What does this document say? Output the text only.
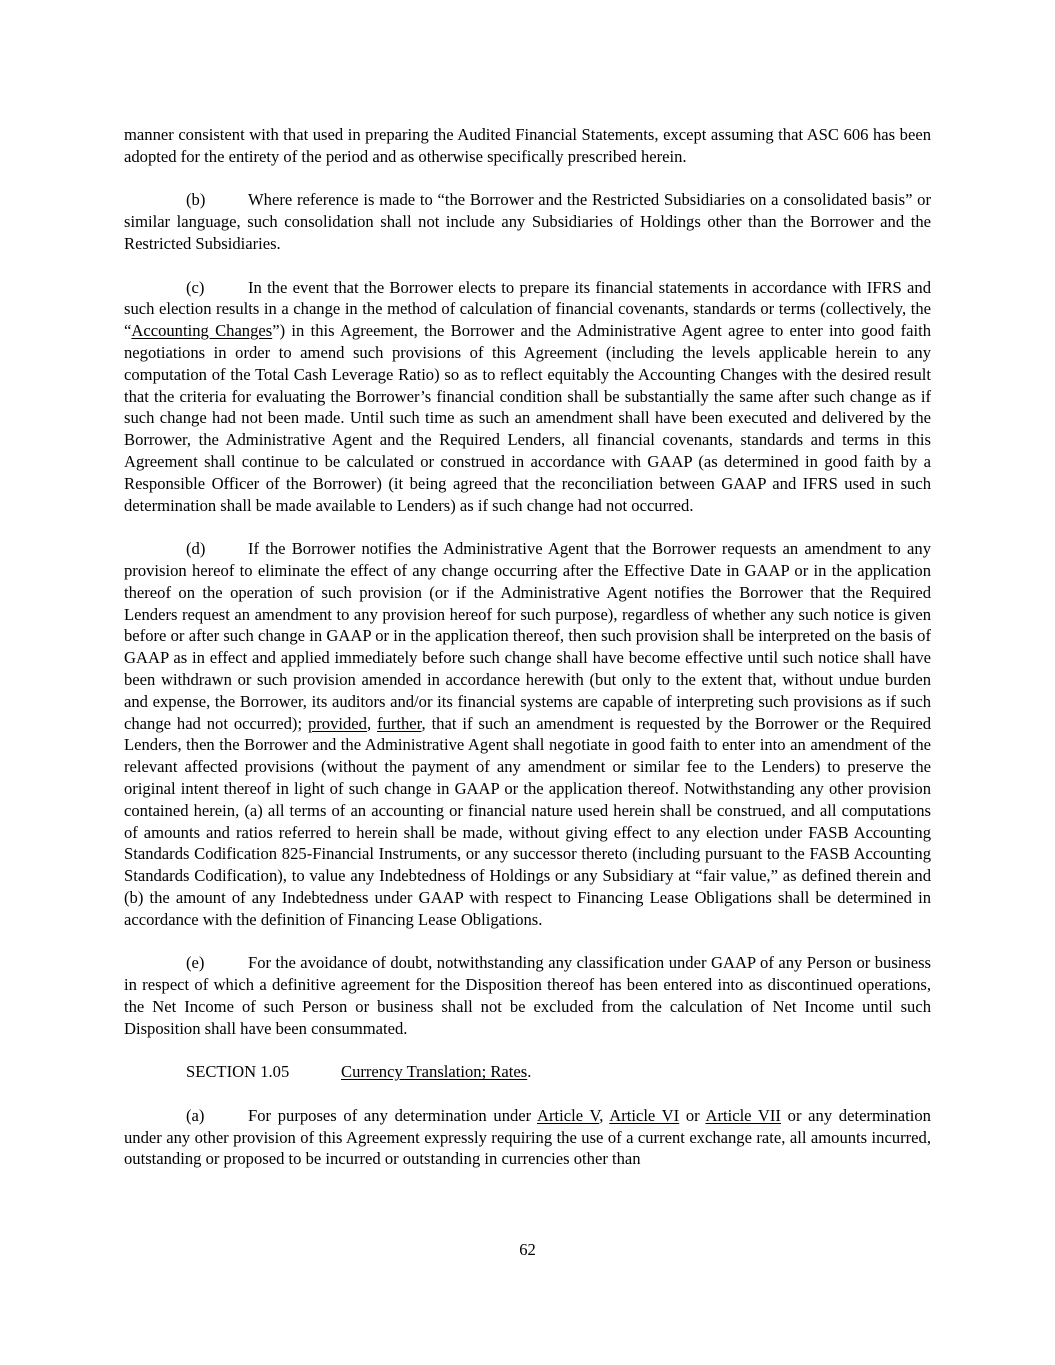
manner consistent with that used in preparing the Audited Financial Statements, except assuming that ASC 606 has been adopted for the entirety of the period and as otherwise specifically prescribed herein.

(b)	Where reference is made to “the Borrower and the Restricted Subsidiaries on a consolidated basis” or similar language, such consolidation shall not include any Subsidiaries of Holdings other than the Borrower and the Restricted Subsidiaries.

(c)	In the event that the Borrower elects to prepare its financial statements in accordance with IFRS and such election results in a change in the method of calculation of financial covenants, standards or terms (collectively, the “Accounting Changes”) in this Agreement, the Borrower and the Administrative Agent agree to enter into good faith negotiations in order to amend such provisions of this Agreement (including the levels applicable herein to any computation of the Total Cash Leverage Ratio) so as to reflect equitably the Accounting Changes with the desired result that the criteria for evaluating the Borrower’s financial condition shall be substantially the same after such change as if such change had not been made. Until such time as such an amendment shall have been executed and delivered by the Borrower, the Administrative Agent and the Required Lenders, all financial covenants, standards and terms in this Agreement shall continue to be calculated or construed in accordance with GAAP (as determined in good faith by a Responsible Officer of the Borrower) (it being agreed that the reconciliation between GAAP and IFRS used in such determination shall be made available to Lenders) as if such change had not occurred.

(d)	If the Borrower notifies the Administrative Agent that the Borrower requests an amendment to any provision hereof to eliminate the effect of any change occurring after the Effective Date in GAAP or in the application thereof on the operation of such provision (or if the Administrative Agent notifies the Borrower that the Required Lenders request an amendment to any provision hereof for such purpose), regardless of whether any such notice is given before or after such change in GAAP or in the application thereof, then such provision shall be interpreted on the basis of GAAP as in effect and applied immediately before such change shall have become effective until such notice shall have been withdrawn or such provision amended in accordance herewith (but only to the extent that, without undue burden and expense, the Borrower, its auditors and/or its financial systems are capable of interpreting such provisions as if such change had not occurred); provided, further, that if such an amendment is requested by the Borrower or the Required Lenders, then the Borrower and the Administrative Agent shall negotiate in good faith to enter into an amendment of the relevant affected provisions (without the payment of any amendment or similar fee to the Lenders) to preserve the original intent thereof in light of such change in GAAP or the application thereof. Notwithstanding any other provision contained herein, (a) all terms of an accounting or financial nature used herein shall be construed, and all computations of amounts and ratios referred to herein shall be made, without giving effect to any election under FASB Accounting Standards Codification 825-Financial Instruments, or any successor thereto (including pursuant to the FASB Accounting Standards Codification), to value any Indebtedness of Holdings or any Subsidiary at “fair value,” as defined therein and (b) the amount of any Indebtedness under GAAP with respect to Financing Lease Obligations shall be determined in accordance with the definition of Financing Lease Obligations.

(e)	For the avoidance of doubt, notwithstanding any classification under GAAP of any Person or business in respect of which a definitive agreement for the Disposition thereof has been entered into as discontinued operations, the Net Income of such Person or business shall not be excluded from the calculation of Net Income until such Disposition shall have been consummated.

SECTION 1.05	Currency Translation; Rates.

(a)	For purposes of any determination under Article V, Article VI or Article VII or any determination under any other provision of this Agreement expressly requiring the use of a current exchange rate, all amounts incurred, outstanding or proposed to be incurred or outstanding in currencies other than

62
